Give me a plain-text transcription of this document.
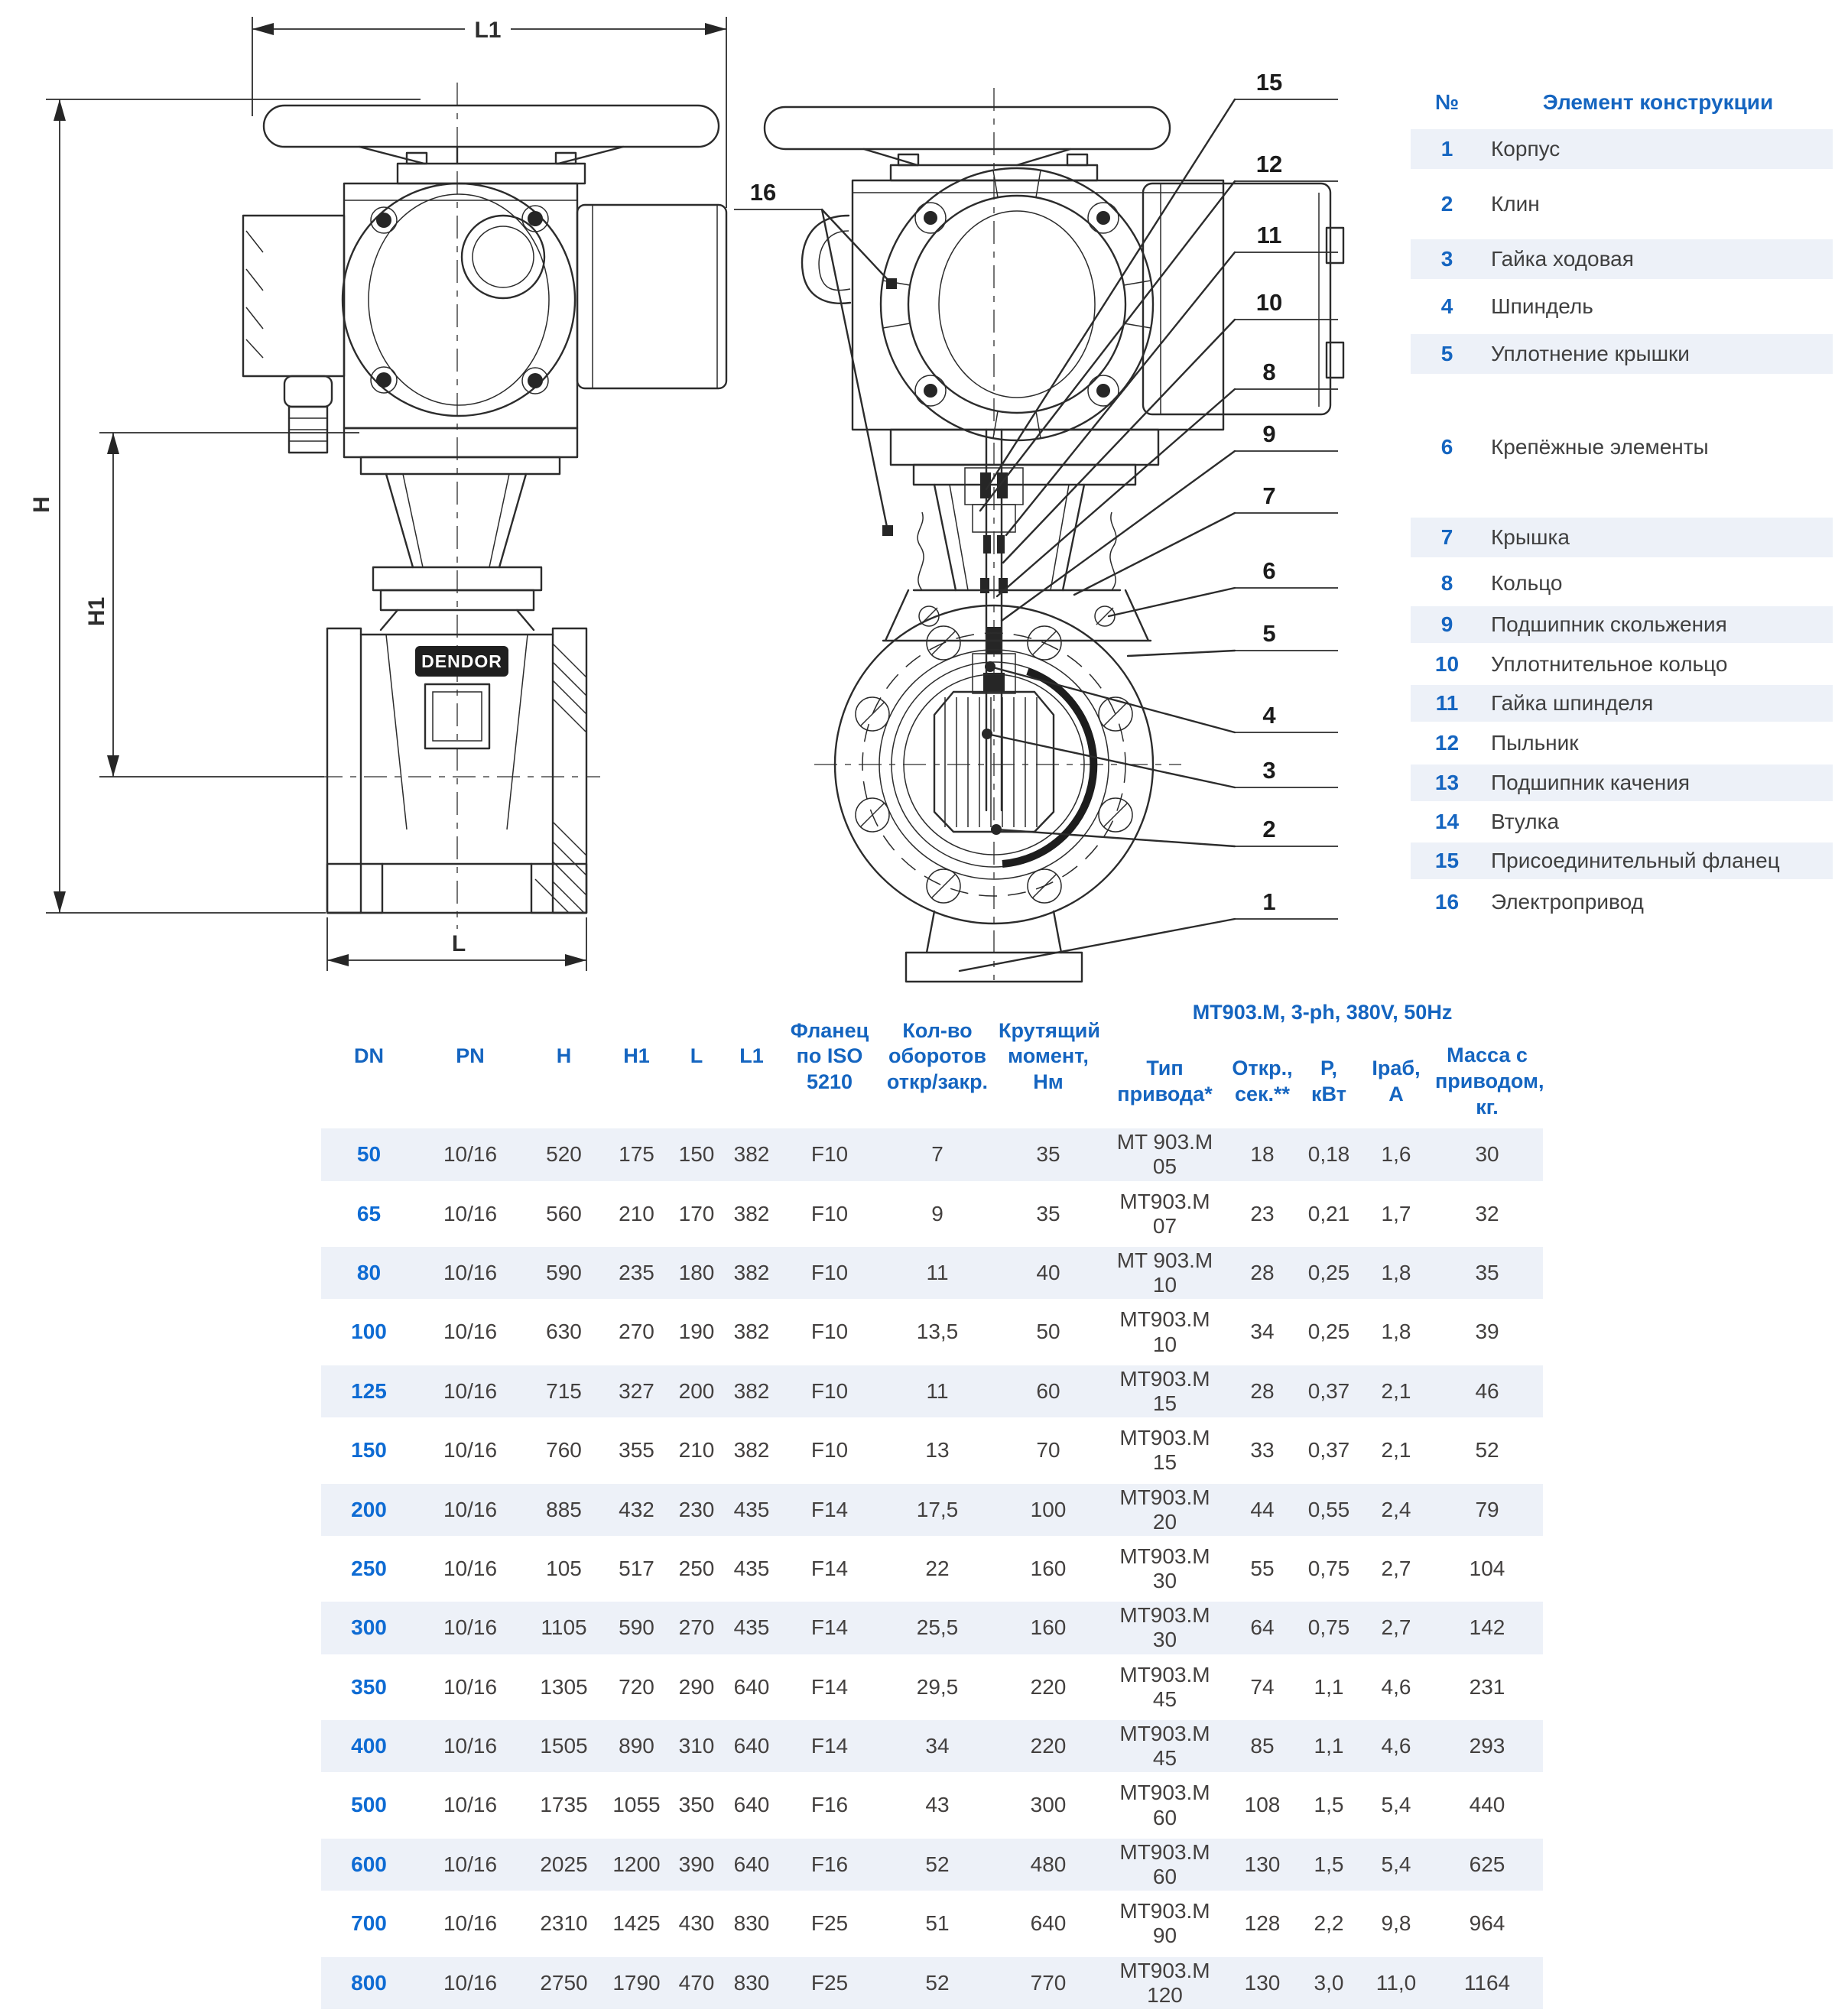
DENDOR
L1
H
H1
L
16
15
12
11
10
8
9
7
6
5
4
3
2
1
№	Элемент конструкции
1	Корпус
2	Клин
3	Гайка ходовая
4	Шпиндель
5	Уплотнение крышки
6	Крепёжные элементы
7	Крышка
8	Кольцо
9	Подшипник скольжения
10	Уплотнительное кольцо
11	Гайка шпинделя
12	Пыльник
13	Подшипник качения
14	Втулка
15	Присоединительный фланец
16	Электропривод
DN	PN	H	H1	L	L1	Фланец по ISO 5210	Кол-во оборотов откр/закр.	Крутящий момент, Нм	MT903.M, 3-ph, 380V, 50Hz				
									Тип привода*	Откр., сек.**	P, кВт	Iраб, А	Масса с приводом, кг.
50	10/16	520	175	150	382	F10	7	35	MT 903.M 05	18	0,18	1,6	30
65	10/16	560	210	170	382	F10	9	35	MT903.M 07	23	0,21	1,7	32
80	10/16	590	235	180	382	F10	11	40	MT 903.M 10	28	0,25	1,8	35
100	10/16	630	270	190	382	F10	13,5	50	MT903.M 10	34	0,25	1,8	39
125	10/16	715	327	200	382	F10	11	60	MT903.M 15	28	0,37	2,1	46
150	10/16	760	355	210	382	F10	13	70	MT903.M 15	33	0,37	2,1	52
200	10/16	885	432	230	435	F14	17,5	100	MT903.M 20	44	0,55	2,4	79
250	10/16	105	517	250	435	F14	22	160	MT903.M 30	55	0,75	2,7	104
300	10/16	1105	590	270	435	F14	25,5	160	MT903.M 30	64	0,75	2,7	142
350	10/16	1305	720	290	640	F14	29,5	220	MT903.M 45	74	1,1	4,6	231
400	10/16	1505	890	310	640	F14	34	220	MT903.M 45	85	1,1	4,6	293
500	10/16	1735	1055	350	640	F16	43	300	MT903.M 60	108	1,5	5,4	440
600	10/16	2025	1200	390	640	F16	52	480	MT903.M 60	130	1,5	5,4	625
700	10/16	2310	1425	430	830	F25	51	640	MT903.M 90	128	2,2	9,8	964
800	10/16	2750	1790	470	830	F25	52	770	MT903.M 120	130	3,0	11,0	1164
